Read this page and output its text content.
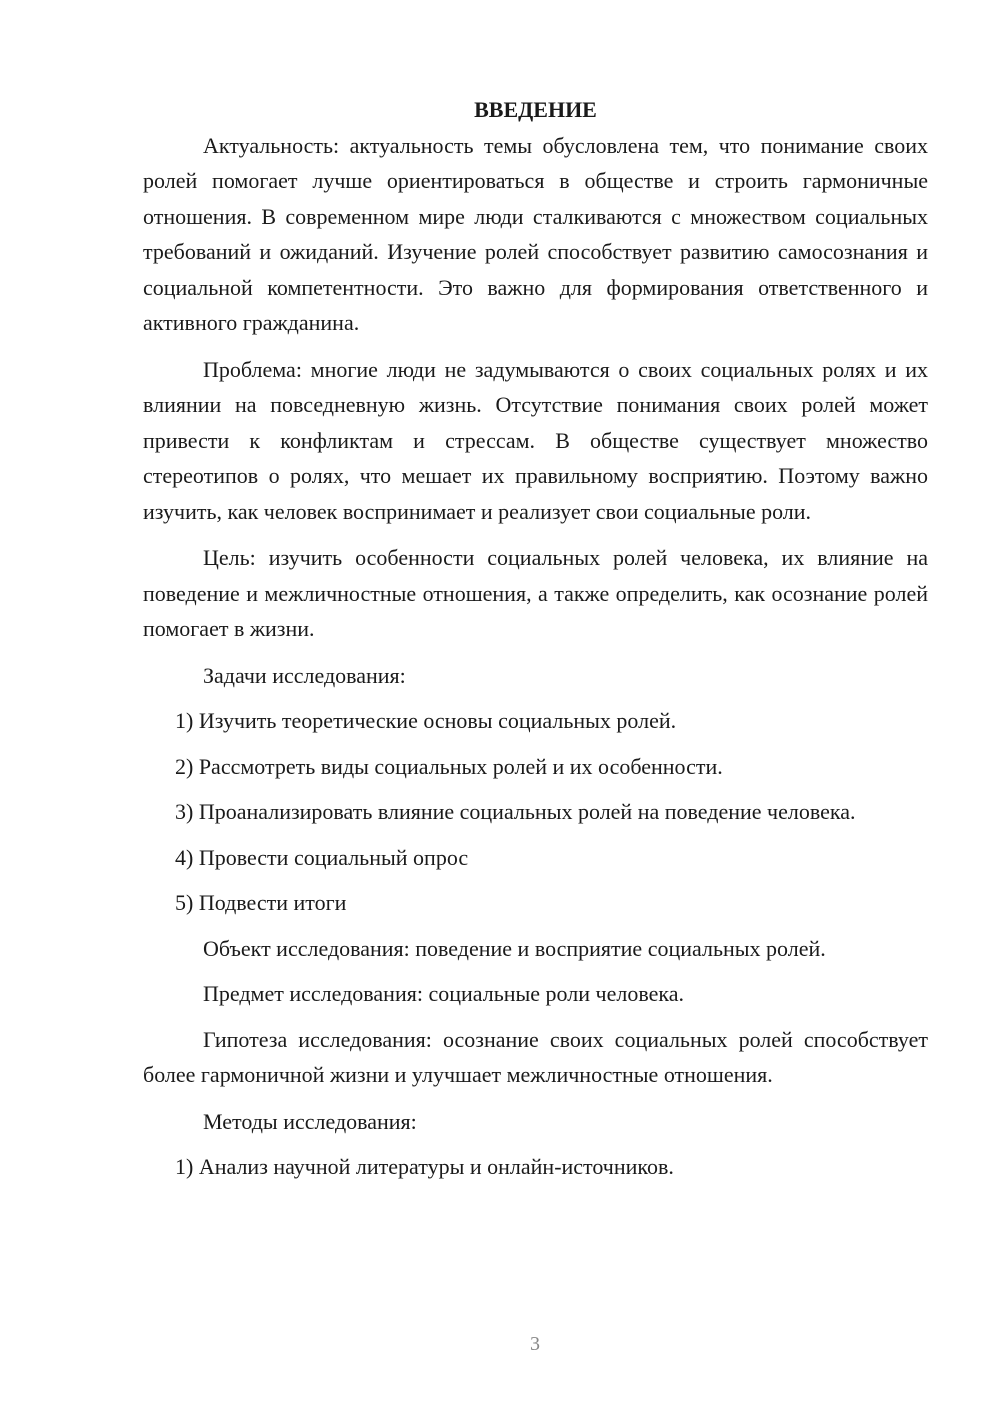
ВВЕДЕНИЕ

Актуальность: актуальность темы обусловлена тем, что понимание своих ролей помогает лучше ориентироваться в обществе и строить гармоничные отношения. В современном мире люди сталкиваются с множеством социальных требований и ожиданий. Изучение ролей способствует развитию самосознания и социальной компетентности. Это важно для формирования ответственного и активного гражданина.

Проблема: многие люди не задумываются о своих социальных ролях и их влиянии на повседневную жизнь. Отсутствие понимания своих ролей может привести к конфликтам и стрессам. В обществе существует множество стереотипов о ролях, что мешает их правильному восприятию. Поэтому важно изучить, как человек воспринимает и реализует свои социальные роли.

Цель: изучить особенности социальных ролей человека, их влияние на поведение и межличностные отношения, а также определить, как осознание ролей помогает в жизни.

Задачи исследования:

1) Изучить теоретические основы социальных ролей.

2) Рассмотреть виды социальных ролей и их особенности.

3) Проанализировать влияние социальных ролей на поведение человека.

4) Провести социальный опрос

5) Подвести итоги

Объект исследования: поведение и восприятие социальных ролей.

Предмет исследования: социальные роли человека.

Гипотеза исследования: осознание своих социальных ролей способствует более гармоничной жизни и улучшает межличностные отношения.

Методы исследования:

1) Анализ научной литературы и онлайн-источников.

3
